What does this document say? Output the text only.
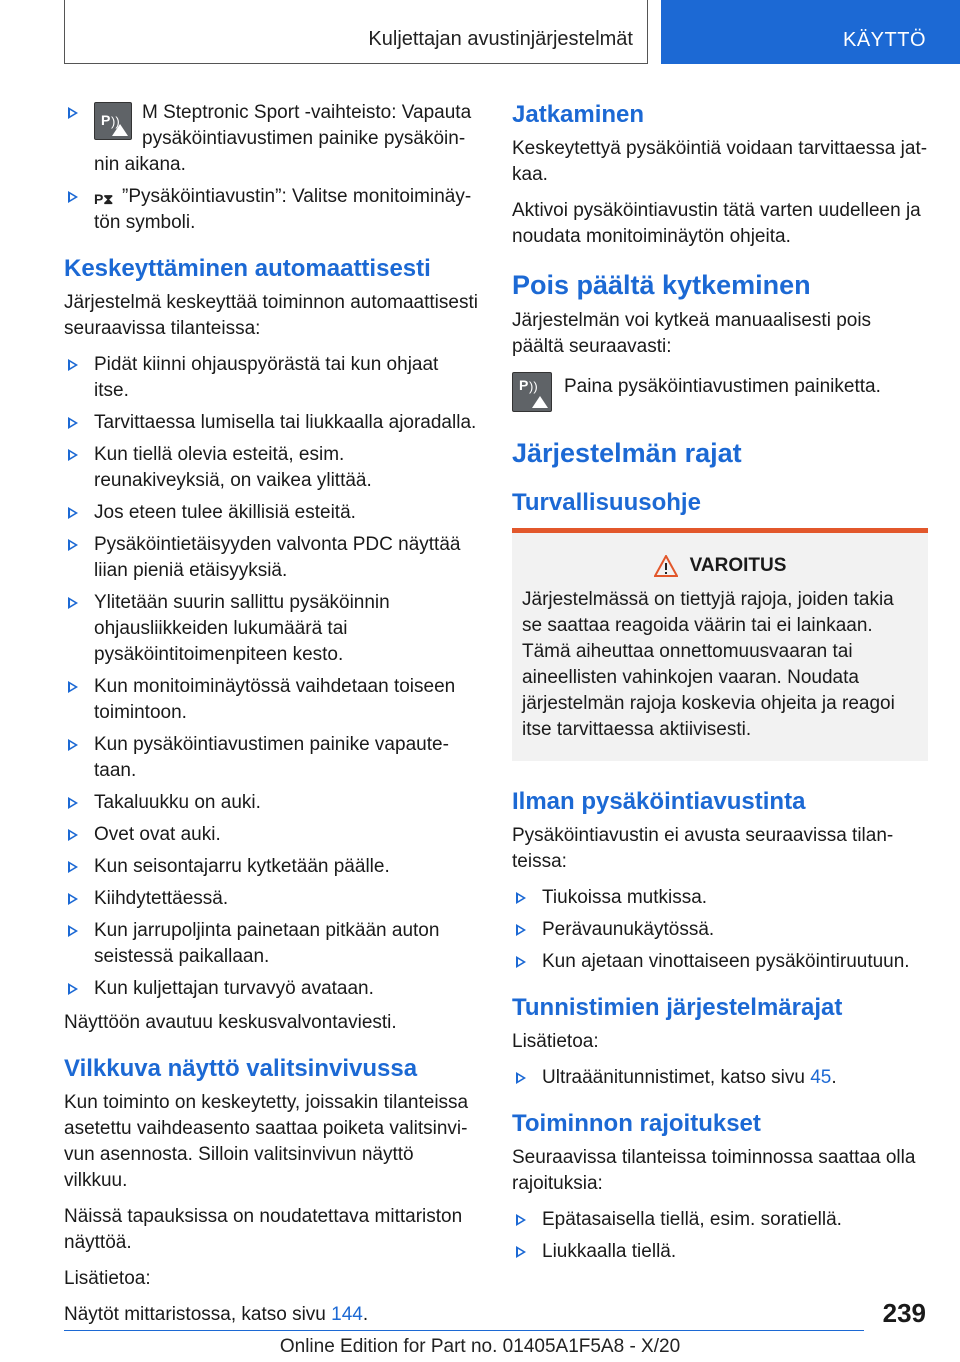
Kuljettajan avustinjärjestelmät	KÄYTTÖ
P )) M Steptronic Sport -vaihteisto: Vapauta pysäköintiavustimen painike pysäköinnin aikana.
P⧗ ”Pysäköintiavustin”: Valitse monitoiminäytön symboli.
Keskeyttäminen automaattisesti

Järjestelmä keskeyttää toiminnon automaattisesti seuraavissa tilanteissa:

Pidät kiinni ohjauspyörästä tai kun ohjaat itse.
Tarvittaessa lumisella tai liukkaalla ajoradalla.
Kun tiellä olevia esteitä, esim. reunakiveyksiä, on vaikea ylittää.
Jos eteen tulee äkillisiä esteitä.
Pysäköintietäisyyden valvonta PDC näyttää liian pieniä etäisyyksiä.
Ylitetään suurin sallittu pysäköinnin ohjausliikkeiden lukumäärä tai pysäköintitoimenpiteen kesto.
Kun monitoiminäytössä vaihdetaan toiseen toimintoon.
Kun pysäköintiavustimen painike vapautetaan.
Takaluukku on auki.
Ovet ovat auki.
Kun seisontajarru kytketään päälle.
Kiihdytettäessä.
Kun jarrupoljinta painetaan pitkään auton seistessä paikallaan.
Kun kuljettajan turvavyö avataan.

Näyttöön avautuu keskusvalvontaviesti.

Vilkkuva näyttö valitsinvivussa

Kun toiminto on keskeytetty, joissakin tilanteissa asetettu vaihdeasento saattaa poiketa valitsinvivun asennosta. Silloin valitsinvivun näyttö vilkkuu.

Näissä tapauksissa on noudatettava mittariston näyttöä.

Lisätietoa:

Näytöt mittaristossa, katso sivu 144.

Jatkaminen

Keskeytettyä pysäköintiä voidaan tarvittaessa jatkaa.

Aktivoi pysäköintiavustin tätä varten uudelleen ja noudata monitoiminäytön ohjeita.

Pois päältä kytkeminen

Järjestelmän voi kytkeä manuaalisesti pois päältä seuraavasti:

P ))	Paina pysäköintiavustimen painiketta.

Järjestelmän rajat
Turvallisuusohje
VAROITUS

Järjestelmässä on tiettyjä rajoja, joiden takia se saattaa reagoida väärin tai ei lainkaan. Tämä aiheuttaa onnettomuusvaaran tai aineellisten vahinkojen vaaran. Noudata järjestelmän rajoja koskevia ohjeita ja reagoi itse tarvittaessa aktiivisesti.

Ilman pysäköintiavustinta

Pysäköintiavustin ei avusta seuraavissa tilanteissa:

Tiukoissa mutkissa.
Perävaunukäytössä.
Kun ajetaan vinottaiseen pysäköintiruutuun.
Tunnistimien järjestelmärajat

Lisätietoa:

Ultraäänitunnistimet, katso sivu 45.
Toiminnon rajoitukset

Seuraavissa tilanteissa toiminnossa saattaa olla rajoituksia:

Epätasaisella tiellä, esim. soratiellä.
Liukkaalla tiellä.
239
Online Edition for Part no. 01405A1F5A8 - X/20
